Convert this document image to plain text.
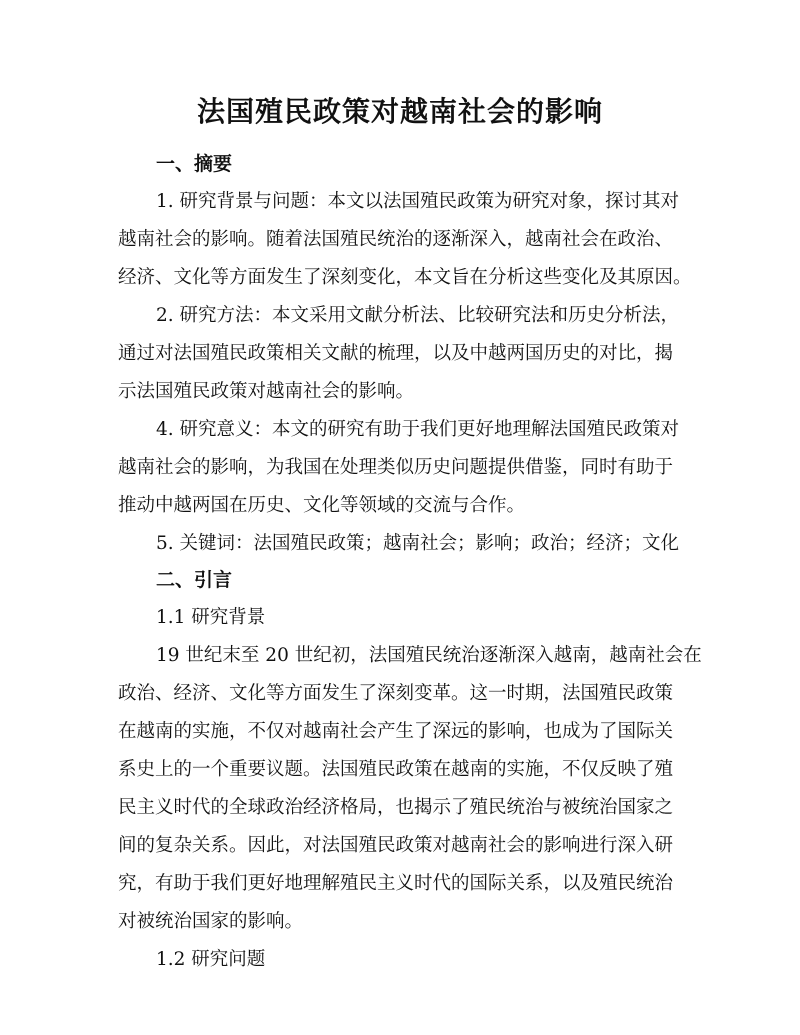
法国殖民政策对越南社会的影响
一、摘要
1. 研究背景与问题：本文以法国殖民政策为研究对象，探讨其对
越南社会的影响。随着法国殖民统治的逐渐深入，越南社会在政治、
经济、文化等方面发生了深刻变化，本文旨在分析这些变化及其原因。
2. 研究方法：本文采用文献分析法、比较研究法和历史分析法，
通过对法国殖民政策相关文献的梳理，以及中越两国历史的对比，揭
示法国殖民政策对越南社会的影响。
4. 研究意义：本文的研究有助于我们更好地理解法国殖民政策对
越南社会的影响，为我国在处理类似历史问题提供借鉴，同时有助于
推动中越两国在历史、文化等领域的交流与合作。
5. 关键词：法国殖民政策；越南社会；影响；政治；经济；文化
二、引言
1.1 研究背景
19 世纪末至 20 世纪初，法国殖民统治逐渐深入越南，越南社会在
政治、经济、文化等方面发生了深刻变革。这一时期，法国殖民政策
在越南的实施，不仅对越南社会产生了深远的影响，也成为了国际关
系史上的一个重要议题。法国殖民政策在越南的实施，不仅反映了殖
民主义时代的全球政治经济格局，也揭示了殖民统治与被统治国家之
间的复杂关系。因此，对法国殖民政策对越南社会的影响进行深入研
究，有助于我们更好地理解殖民主义时代的国际关系，以及殖民统治
对被统治国家的影响。
1.2 研究问题
